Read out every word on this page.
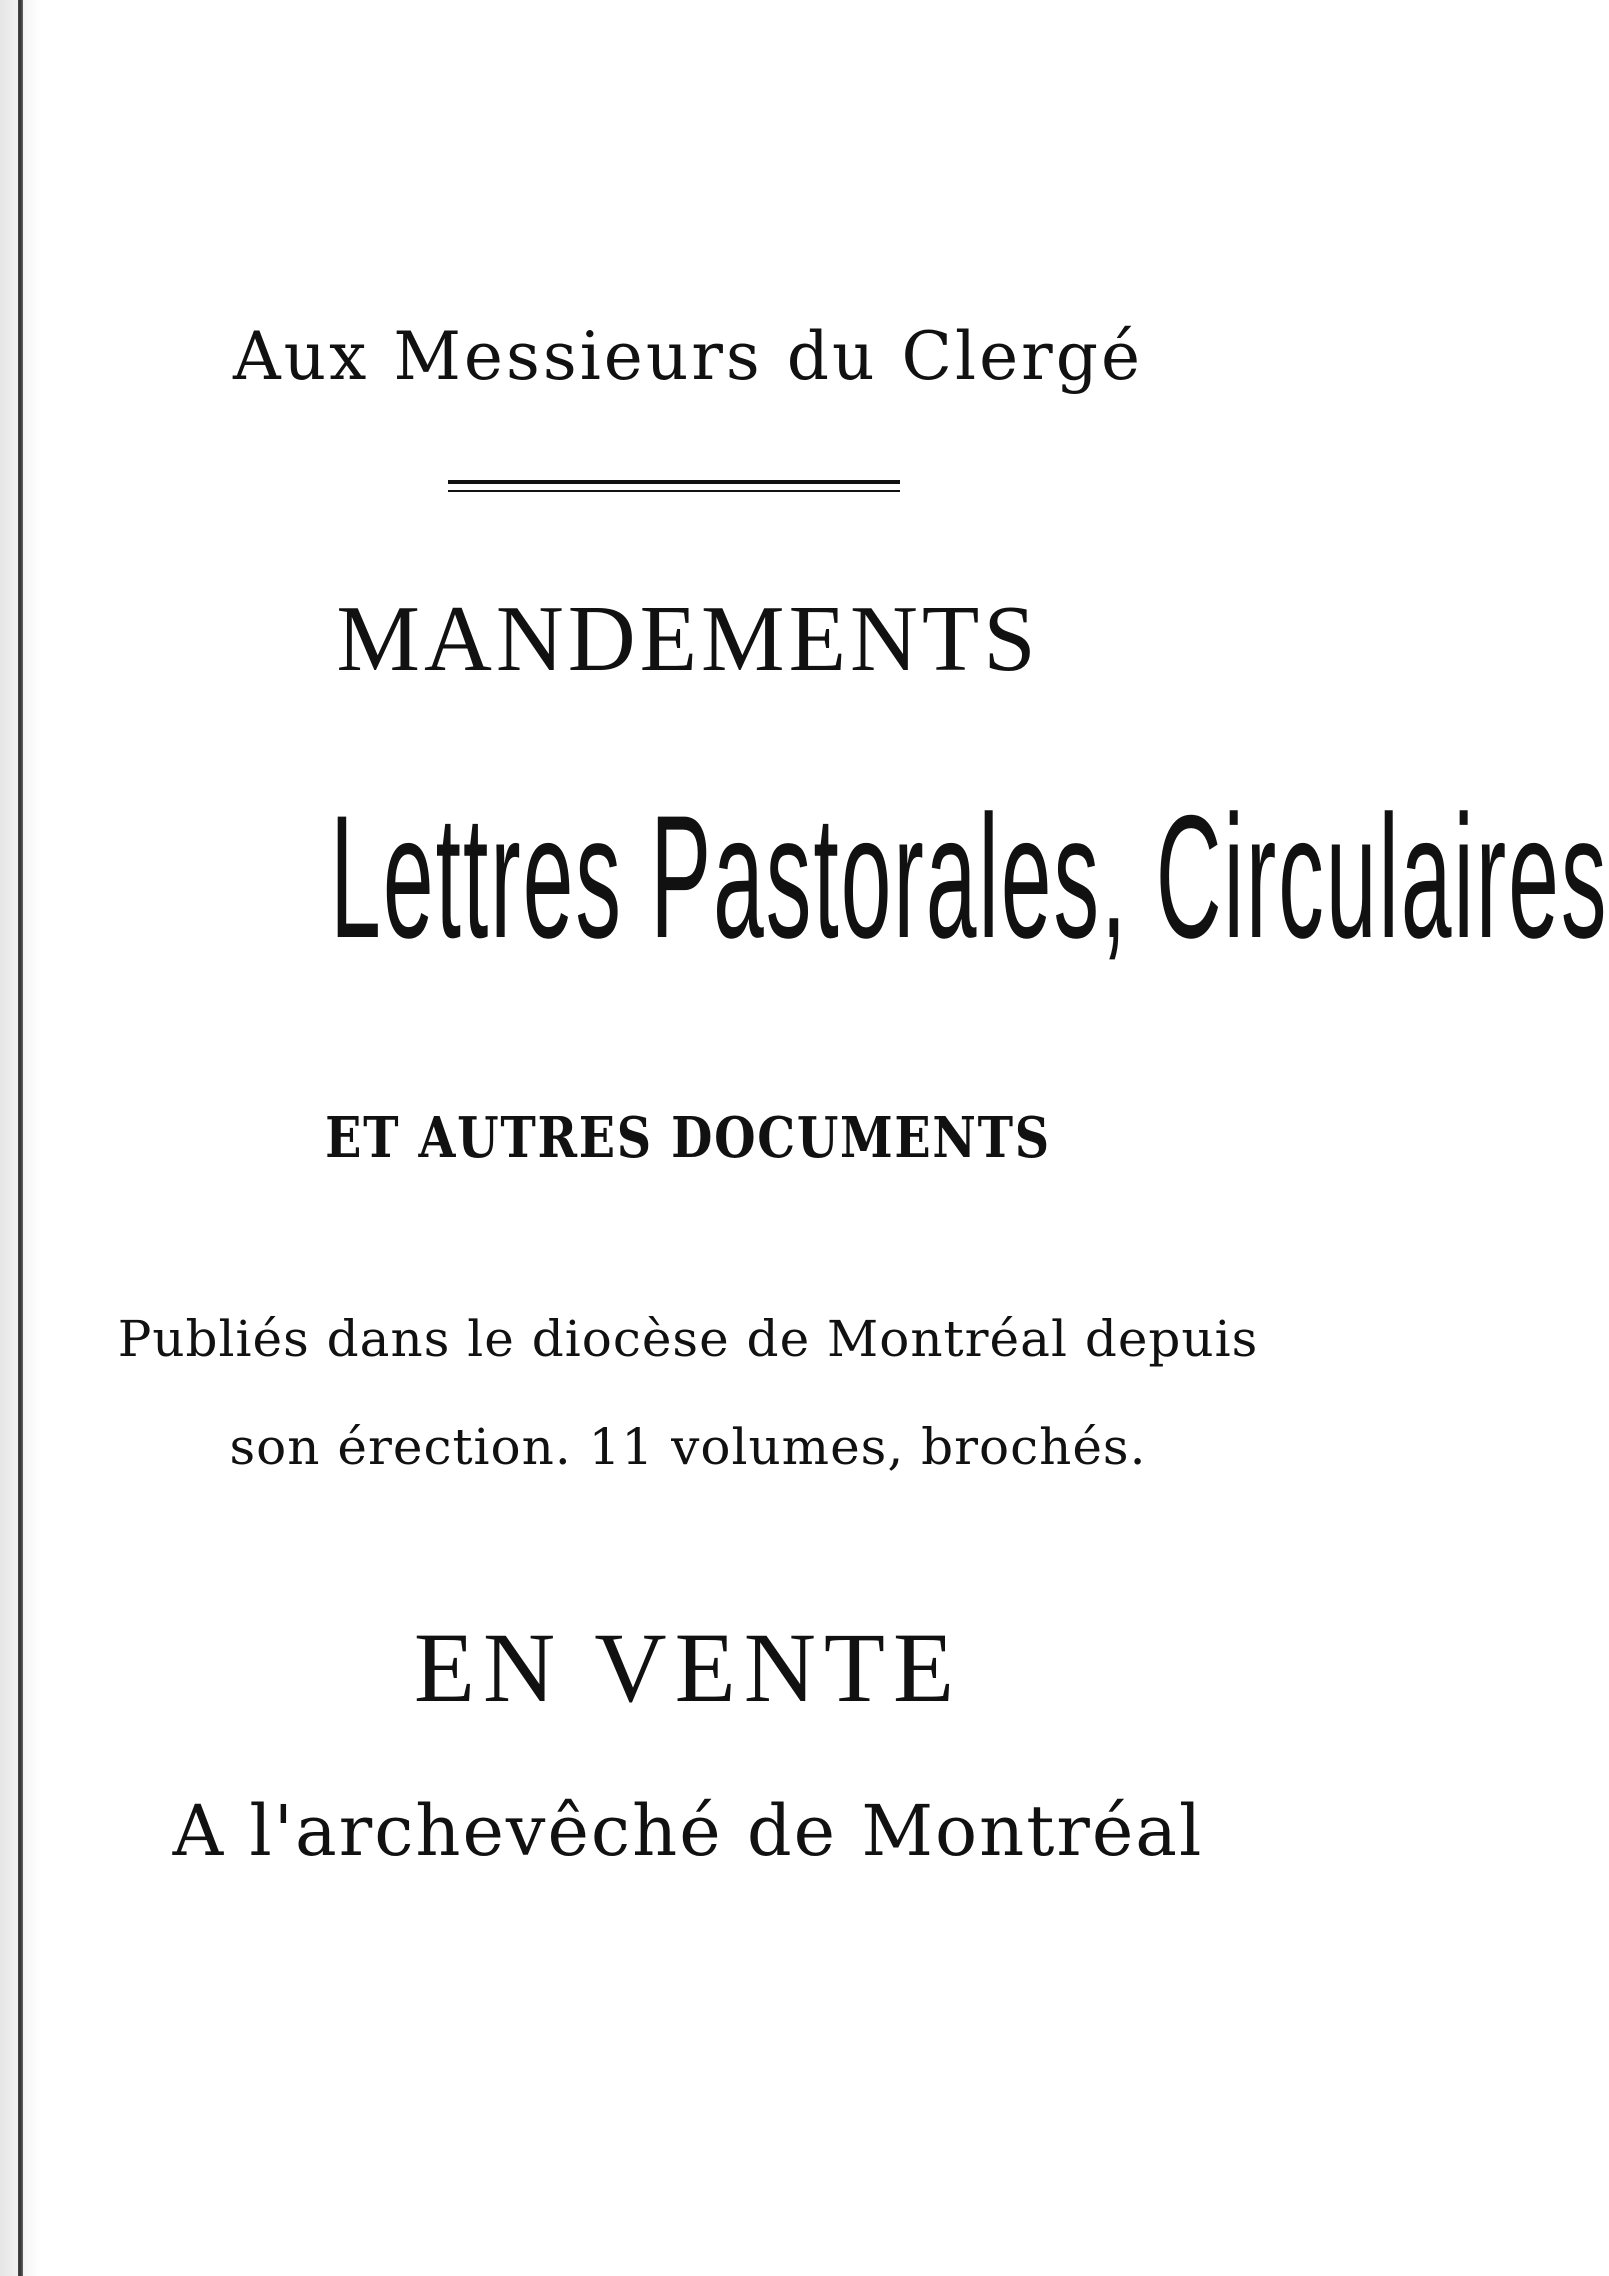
Aux Messieurs du Clergé

MANDEMENTS

Lettres Pastorales, Circulaires

ET AUTRES DOCUMENTS

Publiés dans le diocèse de Montréal depuis

son érection. 11 volumes, brochés.

EN VENTE

A l'archevêché de Montréal
